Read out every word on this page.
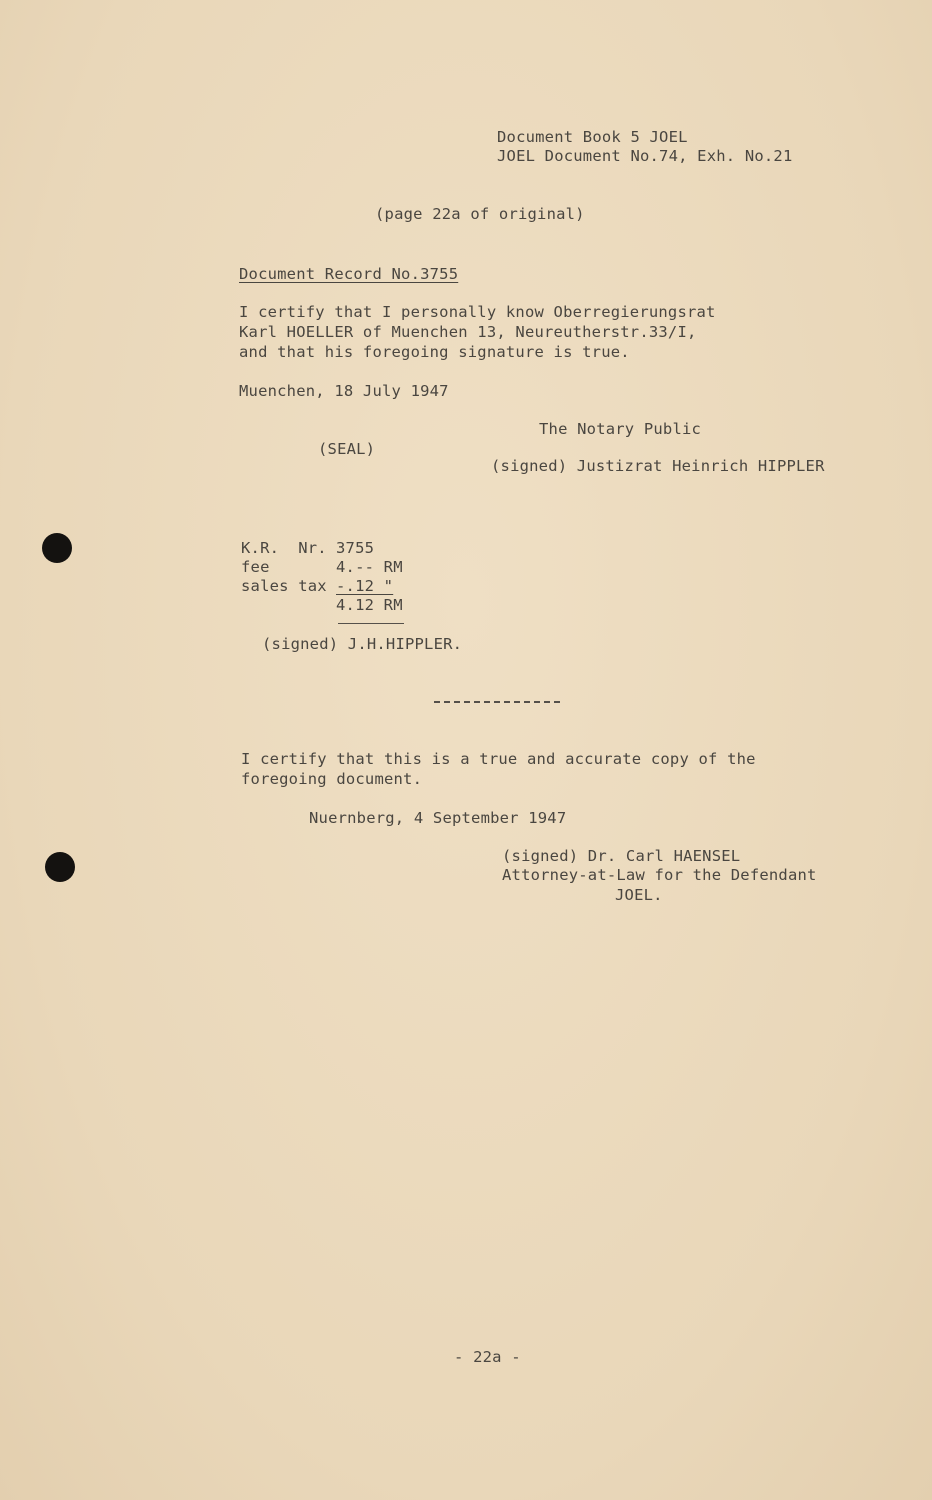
Document Book 5 JOEL
JOEL Document No.74, Exh. No.21
(page 22a of original)
Document Record No.3755
I certify that I personally know Oberregierungsrat
Karl HOELLER of Muenchen 13, Neureutherstr.33/I,
and that his foregoing signature is true.
Muenchen, 18 July 1947
The Notary Public
(SEAL)
(signed) Justizrat Heinrich HIPPLER
K.R.  Nr. 3755
fee	4.-- RM
sales tax -.12 "
4.12 RM
(signed) J.H.HIPPLER.
I certify that this is a true and accurate copy of the
foregoing document.
Nuernberg, 4 September 1947
(signed) Dr. Carl HAENSEL
Attorney-at-Law for the Defendant
JOEL.
- 22a -
